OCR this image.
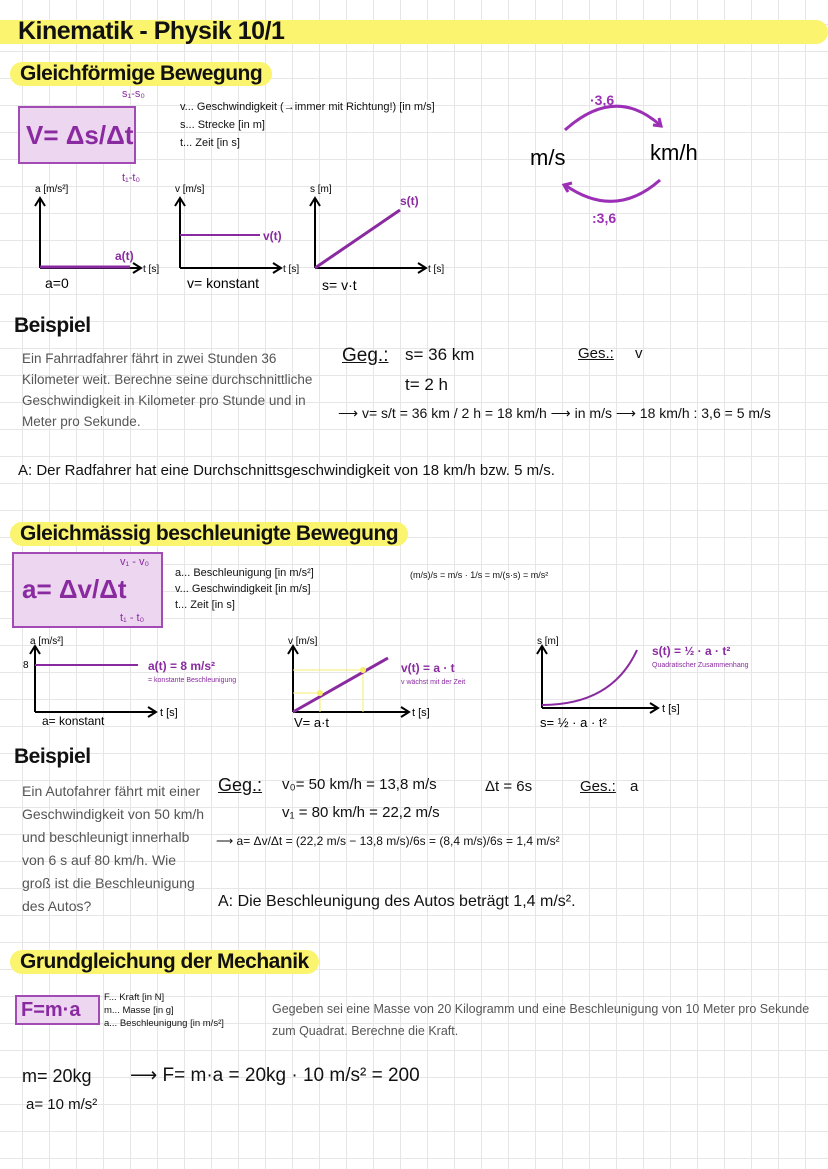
Kinematik - Physik 10/1
Gleichförmige Bewegung
V= Δs/Δt
s₁-s₀
t₁-t₀
v... Geschwindigkeit (→immer mit Richtung!) [in m/s]
s... Strecke [in m]
t... Zeit [in s]
m/s	km/h
·3,6
:3,6
a [m/s²]
a(t)
t [s]
a=0
v [m/s]
v(t)
t [s]
v= konstant
s [m]
s(t)
t [s]
s= v·t
Beispiel
Ein Fahrradfahrer fährt in zwei Stunden 36 Kilometer weit. Berechne seine durchschnittliche Geschwindigkeit in Kilometer pro Stunde und in Meter pro Sekunde.
Geg.: s= 36 km
t= 2 h
Ges.: v
⟶ v= s/t = 36 km / 2 h = 18 km/h ⟶ in m/s ⟶ 18 km/h : 3,6 = 5 m/s
A: Der Radfahrer hat eine Durchschnittsgeschwindigkeit von 18 km/h bzw. 5 m/s.
Gleichmässig beschleunigte Bewegung
a= Δv/Δt
v₁ - v₀
t₁ - t₀
a... Beschleunigung [in m/s²]
v... Geschwindigkeit [in m/s]
t... Zeit [in s]
(m/s)/s = m/s · 1/s = m/(s·s) = m/s²
a [m/s²]
8	a(t) = 8 m/s²
= konstante Beschleunigung
t [s]
a= konstant
v [m/s]
v(t) = a · t
v wächst mit der Zeit
t [s]
V= a·t
s [m]
s(t) = ½ · a · t²
Quadratischer Zusammenhang
t [s]
s= ½ · a · t²
Beispiel
Ein Autofahrer fährt mit einer Geschwindigkeit von 50 km/h und beschleunigt innerhalb von 6 s auf 80 km/h. Wie groß ist die Beschleunigung des Autos?
Geg.: v₀= 50 km/h = 13,8 m/s	Δt = 6s	Ges.: a
v₁ = 80 km/h = 22,2 m/s
⟶ a= Δv/Δt = (22,2 m/s − 13,8 m/s)/6s = (8,4 m/s)/6s = 1,4 m/s²
A: Die Beschleunigung des Autos beträgt 1,4 m/s².
Grundgleichung der Mechanik
F=m·a
F... Kraft [in N]
m... Masse [in g]
a... Beschleunigung [in m/s²]
Gegeben sei eine Masse von 20 Kilogramm und eine Beschleunigung von 10 Meter pro Sekunde zum Quadrat. Berechne die Kraft.
m= 20kg
a= 10 m/s²
⟶ F= m·a = 20kg · 10 m/s² = 200
